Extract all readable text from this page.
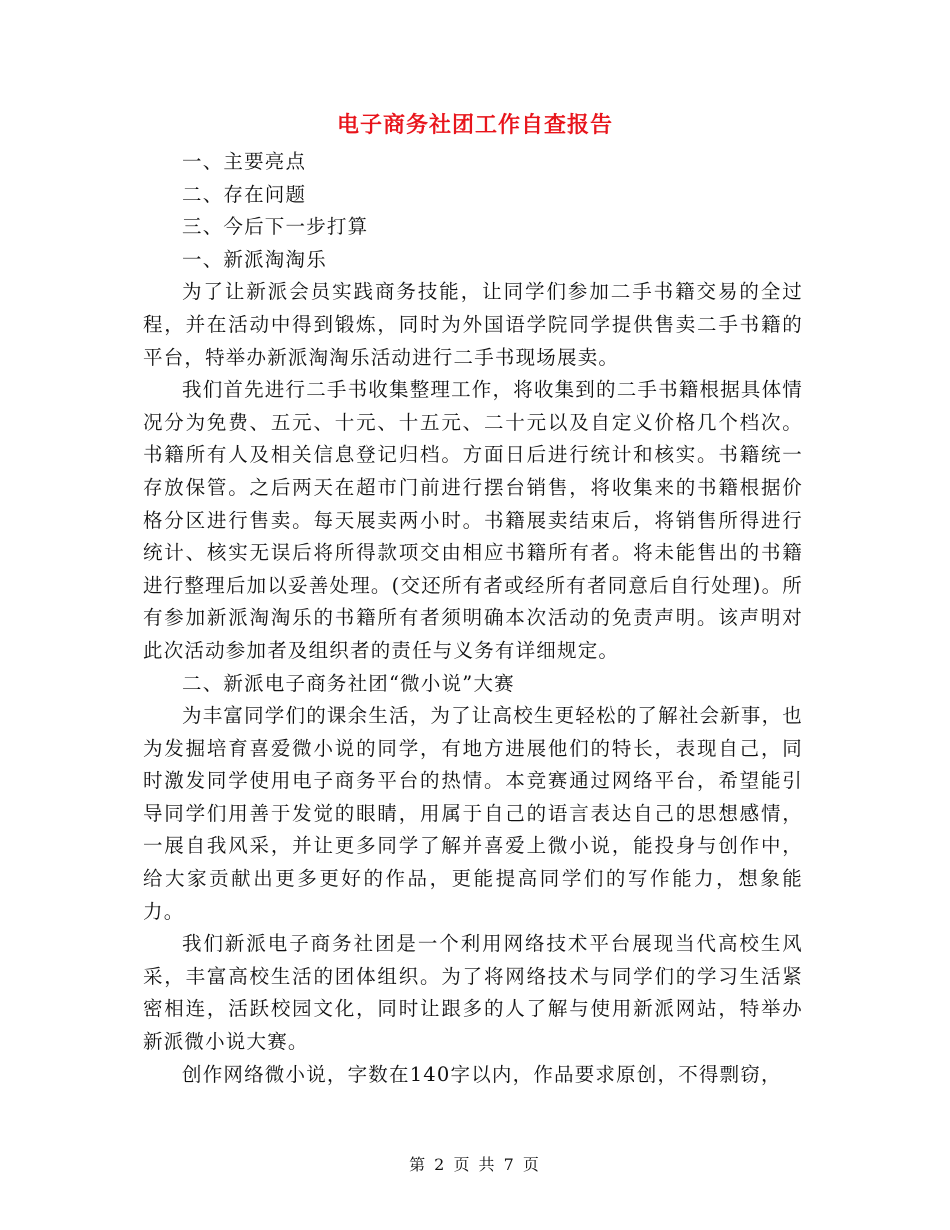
电子商务社团工作自查报告

一、主要亮点

二、存在问题

三、今后下一步打算

一、新派淘淘乐

为了让新派会员实践商务技能，让同学们参加二手书籍交易的全过程，并在活动中得到锻炼，同时为外国语学院同学提供售卖二手书籍的平台，特举办新派淘淘乐活动进行二手书现场展卖。

我们首先进行二手书收集整理工作，将收集到的二手书籍根据具体情况分为免费、五元、十元、十五元、二十元以及自定义价格几个档次。书籍所有人及相关信息登记归档。方面日后进行统计和核实。书籍统一存放保管。之后两天在超市门前进行摆台销售，将收集来的书籍根据价格分区进行售卖。每天展卖两小时。书籍展卖结束后，将销售所得进行统计、核实无误后将所得款项交由相应书籍所有者。将未能售出的书籍进行整理后加以妥善处理。(交还所有者或经所有者同意后自行处理)。所有参加新派淘淘乐的书籍所有者须明确本次活动的免责声明。该声明对此次活动参加者及组织者的责任与义务有详细规定。

二、新派电子商务社团“微小说”大赛

为丰富同学们的课余生活，为了让高校生更轻松的了解社会新事，也为发掘培育喜爱微小说的同学，有地方进展他们的特长，表现自己，同时激发同学使用电子商务平台的热情。本竞赛通过网络平台，希望能引导同学们用善于发觉的眼睛，用属于自己的语言表达自己的思想感情，一展自我风采，并让更多同学了解并喜爱上微小说，能投身与创作中，给大家贡献出更多更好的作品，更能提高同学们的写作能力，想象能力。

我们新派电子商务社团是一个利用网络技术平台展现当代高校生风采，丰富高校生活的团体组织。为了将网络技术与同学们的学习生活紧密相连，活跃校园文化，同时让跟多的人了解与使用新派网站，特举办新派微小说大赛。

创作网络微小说，字数在140字以内，作品要求原创，不得剽窃，

第 2 页 共 7 页
